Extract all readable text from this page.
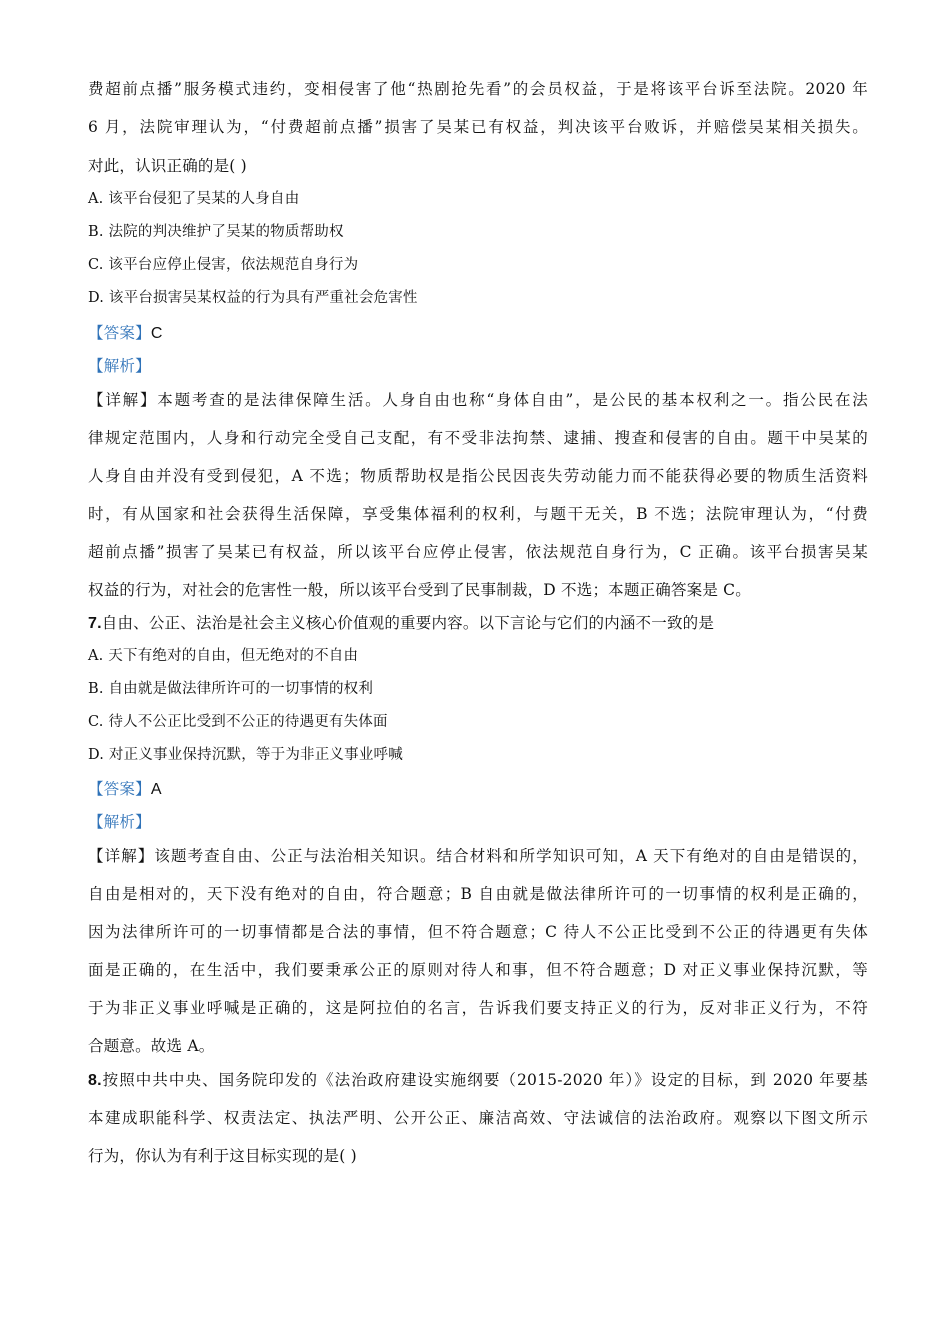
费超前点播”服务模式违约，变相侵害了他“热剧抢先看”的会员权益，于是将该平台诉至法院。2020 年
6 月，法院审理认为，“付费超前点播”损害了吴某已有权益，判决该平台败诉，并赔偿吴某相关损失。
对此，认识正确的是( )
A. 该平台侵犯了吴某的人身自由
B. 法院的判决维护了吴某的物质帮助权
C. 该平台应停止侵害，依法规范自身行为
D. 该平台损害吴某权益的行为具有严重社会危害性
【答案】C
【解析】
【详解】本题考查的是法律保障生活。人身自由也称“身体自由”，是公民的基本权利之一。指公民在法
律规定范围内，人身和行动完全受自己支配，有不受非法拘禁、逮捕、搜查和侵害的自由。题干中吴某的
人身自由并没有受到侵犯，A 不选；物质帮助权是指公民因丧失劳动能力而不能获得必要的物质生活资料
时，有从国家和社会获得生活保障，享受集体福利的权利，与题干无关，B 不选；法院审理认为，“付费
超前点播”损害了吴某已有权益，所以该平台应停止侵害，依法规范自身行为，C 正确。该平台损害吴某
权益的行为，对社会的危害性一般，所以该平台受到了民事制裁，D 不选；本题正确答案是 C。
7.自由、公正、法治是社会主义核心价值观的重要内容。以下言论与它们的内涵不一致的是
A. 天下有绝对的自由，但无绝对的不自由
B. 自由就是做法律所许可的一切事情的权利
C. 待人不公正比受到不公正的待遇更有失体面
D. 对正义事业保持沉默，等于为非正义事业呼喊
【答案】A
【解析】
【详解】该题考查自由、公正与法治相关知识。结合材料和所学知识可知，A 天下有绝对的自由是错误的，
自由是相对的，天下没有绝对的自由，符合题意；B 自由就是做法律所许可的一切事情的权利是正确的，
因为法律所许可的一切事情都是合法的事情，但不符合题意；C 待人不公正比受到不公正的待遇更有失体
面是正确的，在生活中，我们要秉承公正的原则对待人和事，但不符合题意；D 对正义事业保持沉默，等
于为非正义事业呼喊是正确的，这是阿拉伯的名言，告诉我们要支持正义的行为，反对非正义行为，不符
合题意。故选 A。
8.按照中共中央、国务院印发的《法治政府建设实施纲要（2015-2020 年）》设定的目标，到 2020 年要基
本建成职能科学、权责法定、执法严明、公开公正、廉洁高效、守法诚信的法治政府。观察以下图文所示
行为，你认为有利于这目标实现的是( )
